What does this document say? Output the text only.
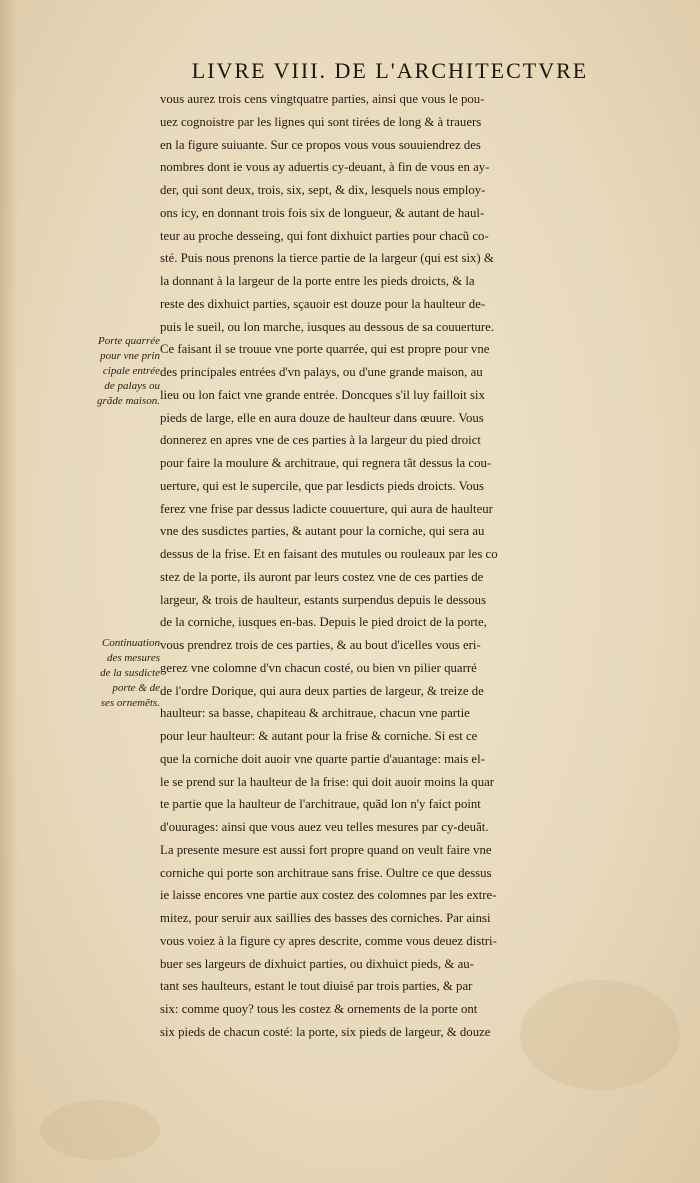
LIVRE VIII. DE L'ARCHITECTVRE
vous aurez trois cens vingtquatre parties, ainsi que vous le pou-
uez cognoistre par les lignes qui sont tirées de long & à trauers
en la figure suiuante. Sur ce propos vous vous souuiendrez des
nombres dont ie vous ay aduertis cy-deuant, à fin de vous en ay-
der, qui sont deux, trois, six, sept, & dix, lesquels nous employ-
ons icy, en donnant trois fois six de longueur, & autant de haul-
teur au proche desseing, qui font dixhuict parties pour chacũ co-
sté. Puis nous prenons la tierce partie de la largeur (qui est six) &
la donnant à la largeur de la porte entre les pieds droicts, & la
reste des dixhuict parties, sçauoir est douze pour la haulteur de-
puis le sueil, ou lon marche, iusques au dessous de sa couuerture.
Ce faisant il se trouue vne porte quarrée, qui est propre pour vne
des principales entrées d'vn palays, ou d'une grande maison, au
lieu ou lon faict vne grande entrée. Doncques s'il luy failloit six
pieds de large, elle en aura douze de haulteur dans œuure. Vous
donnerez en apres vne de ces parties à la largeur du pied droict
pour faire la moulure & architraue, qui regnera tãt dessus la cou-
uerture, qui est le supercile, que par lesdicts pieds droicts. Vous
ferez vne frise par dessus ladicte couuerture, qui aura de haulteur
vne des susdictes parties, & autant pour la corniche, qui sera au
dessus de la frise. Et en faisant des mutules ou rouleaux par les co
stez de la porte, ils auront par leurs costez vne de ces parties de
largeur, & trois de haulteur, estants surpendus depuis le dessous
de la corniche, iusques en-bas. Depuis le pied droict de la porte,
vous prendrez trois de ces parties, & au bout d'icelles vous eri-
gerez vne colomne d'vn chacun costé, ou bien vn pilier quarré
de l'ordre Dorique, qui aura deux parties de largeur, & treize de
haulteur: sa basse, chapiteau & architraue, chacun vne partie
pour leur haulteur: & autant pour la frise & corniche. Si est ce
que la corniche doit auoir vne quarte partie d'auantage: mais el-
le se prend sur la haulteur de la frise: qui doit auoir moins la quar
te partie que la haulteur de l'architraue, quãd lon n'y faict point
d'ouurages: ainsi que vous auez veu telles mesures par cy-deuãt.
La presente mesure est aussi fort propre quand on veult faire vne
corniche qui porte son architraue sans frise. Oultre ce que dessus
ie laisse encores vne partie aux costez des colomnes par les extre-
mitez, pour seruir aux saillies des basses des corniches. Par ainsi
vous voiez à la figure cy apres descrite, comme vous deuez distri-
buer ses largeurs de dixhuict parties, ou dixhuict pieds, & au-
tant ses haulteurs, estant le tout diuisé par trois parties, & par
six: comme quoy? tous les costez & ornements de la porte ont
six pieds de chacun costé: la porte, six pieds de largeur, & douze
Porte quarrée
pour vne prin
cipale entrée
de palays ou
grãde maison.
Continuation
des mesures
de la susdicte
porte & de
ses ornemẽts.
